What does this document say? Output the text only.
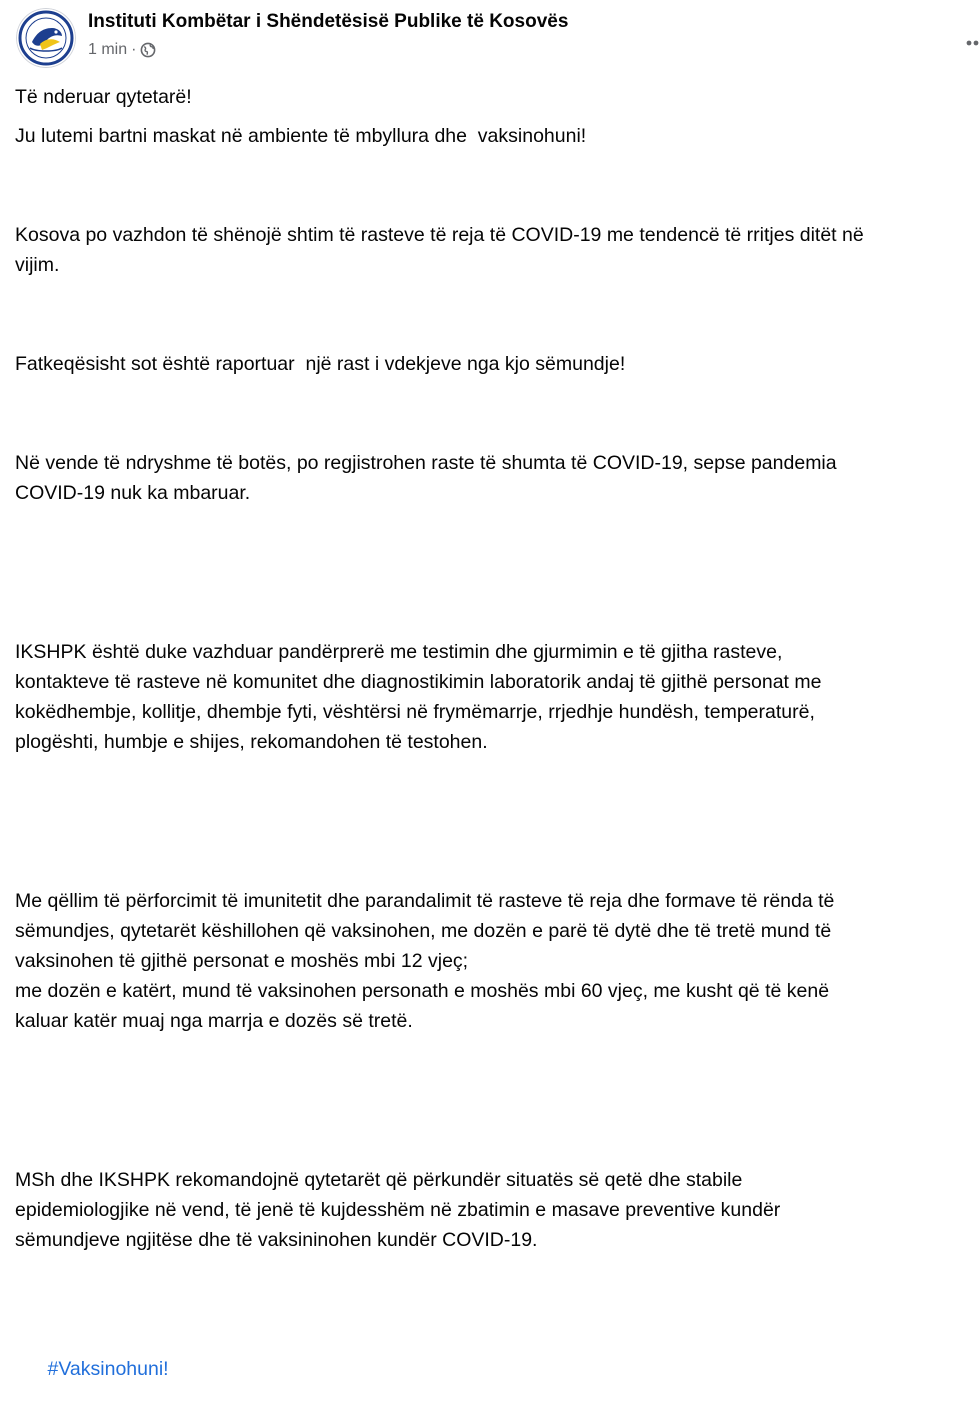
Instituti Kombëtar i Shëndetësisë Publike të Kosovës
1 min ·

Të nderuar qytetarë!

Ju lutemi bartni maskat në ambiente të mbyllura dhe  vaksinohuni!

Kosova po vazhdon të shënojë shtim të rasteve të reja të COVID-19 me tendencë të rritjes ditët në
vijim.

Fatkeqësisht sot është raportuar  një rast i vdekjeve nga kjo sëmundje!

Në vende të ndryshme të botës, po regjistrohen raste të shumta të COVID-19, sepse pandemia
COVID-19 nuk ka mbaruar.

IKSHPK është duke vazhduar pandërprerë me testimin dhe gjurmimin e të gjitha rasteve,
kontakteve të rasteve në komunitet dhe diagnostikimin laboratorik andaj të gjithë personat me
kokëdhembje, kollitje, dhembje fyti, vështërsi në frymëmarrje, rrjedhje hundësh, temperaturë,
plogështi, humbje e shijes, rekomandohen të testohen.

Me qëllim të përforcimit të imunitetit dhe parandalimit të rasteve të reja dhe formave të rënda të
sëmundjes, qytetarët këshillohen që vaksinohen, me dozën e parë të dytë dhe të tretë mund të
vaksinohen të gjithë personat e moshës mbi 12 vjeç;
me dozën e katërt, mund të vaksinohen personath e moshës mbi 60 vjeç, me kusht që të kenë
kaluar katër muaj nga marrja e dozës së tretë.

MSh dhe IKSHPK rekomandojnë qytetarët që përkundër situatës së qetë dhe stabile
epidemiologjike në vend, të jenë të kujdesshëm në zbatimin e masave preventive kundër
sëmundjeve ngjitëse dhe të vaksininohen kundër COVID-19.

#Vaksinohuni!
